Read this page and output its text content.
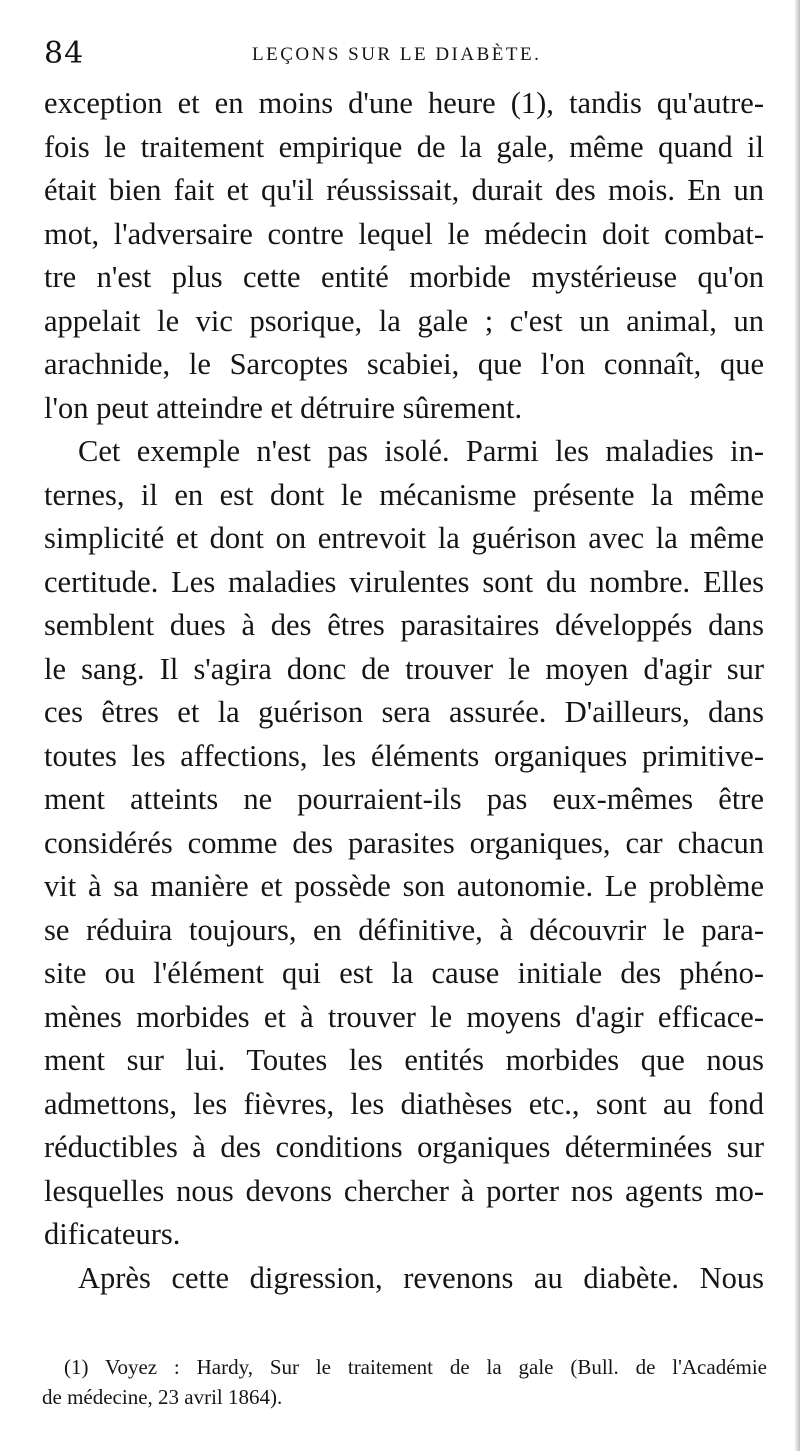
84	LEÇONS SUR LE DIABÈTE.
exception et en moins d'une heure (1), tandis qu'autre-
fois le traitement empirique de la gale, même quand il
était bien fait et qu'il réussissait, durait des mois. En un
mot, l'adversaire contre lequel le médecin doit combat-
tre n'est plus cette entité morbide mystérieuse qu'on
appelait le vic psorique, la gale ; c'est un animal, un
arachnide, le Sarcoptes scabiei, que l'on connaît, que
l'on peut atteindre et détruire sûrement.
Cet exemple n'est pas isolé. Parmi les maladies in-
ternes, il en est dont le mécanisme présente la même
simplicité et dont on entrevoit la guérison avec la même
certitude. Les maladies virulentes sont du nombre. Elles
semblent dues à des êtres parasitaires développés dans
le sang. Il s'agira donc de trouver le moyen d'agir sur
ces êtres et la guérison sera assurée. D'ailleurs, dans
toutes les affections, les éléments organiques primitive-
ment atteints ne pourraient-ils pas eux-mêmes être
considérés comme des parasites organiques, car chacun
vit à sa manière et possède son autonomie. Le problème
se réduira toujours, en définitive, à découvrir le para-
site ou l'élément qui est la cause initiale des phéno-
mènes morbides et à trouver le moyens d'agir efficace-
ment sur lui. Toutes les entités morbides que nous
admettons, les fièvres, les diathèses etc., sont au fond
réductibles à des conditions organiques déterminées sur
lesquelles nous devons chercher à porter nos agents mo-
dificateurs.
Après cette digression, revenons au diabète. Nous
(1) Voyez : Hardy, Sur le traitement de la gale (Bull. de l'Académie
de médecine, 23 avril 1864).
